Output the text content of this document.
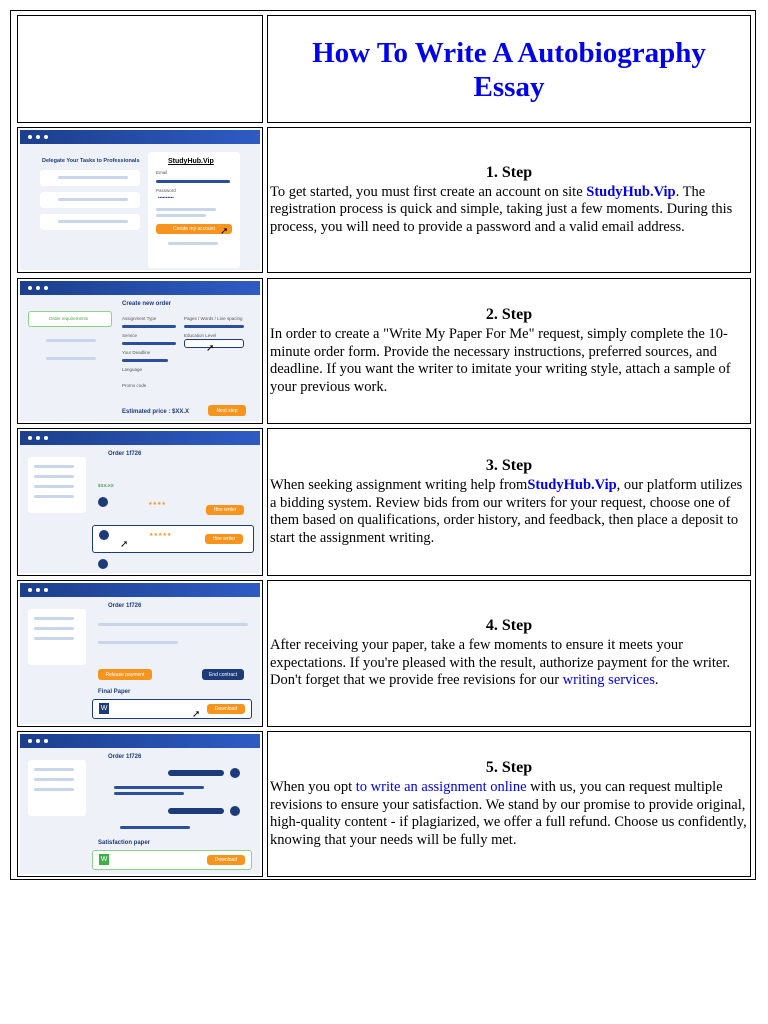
How To Write A Autobiography Essay
Delegate Your Tasks to Professionals	StudyHub.Vip
Email
Password
••••••••••
Create my account ➚
1. Step
To get started, you must first create an account on site StudyHub.Vip. The registration process is quick and simple, taking just a few moments. During this process, you will need to provide a password and a valid email address.
Order requirements
Create new order
Assignment Type	Pages / Words / Line spacing
Service	Education Level
Your Deadline
Language
Promo code
Estimated price : $XX.X	Next step
➚
2. Step
In order to create a "Write My Paper For Me" request, simply complete the 10-minute order form. Provide the necessary instructions, preferred sources, and deadline. If you want the writer to imitate your writing style, attach a sample of your previous work.
Order 1f726
$XX.XX
★★★★
Hire writer
★★★★★
Hire writer
➚
3. Step
When seeking assignment writing help fromStudyHub.Vip, our platform utilizes a bidding system. Review bids from our writers for your request, choose one of them based on qualifications, order history, and feedback, then place a deposit to start the assignment writing.
Order 1f726
Release payment	End contract
Final Paper
W	Download
➚
4. Step
After receiving your paper, take a few moments to ensure it meets your expectations. If you're pleased with the result, authorize payment for the writer. Don't forget that we provide free revisions for our writing services.
Order 1f726
Satisfaction paper
W	Download
5. Step
When you opt to write an assignment online with us, you can request multiple revisions to ensure your satisfaction. We stand by our promise to provide original, high-quality content - if plagiarized, we offer a full refund. Choose us confidently, knowing that your needs will be fully met.
